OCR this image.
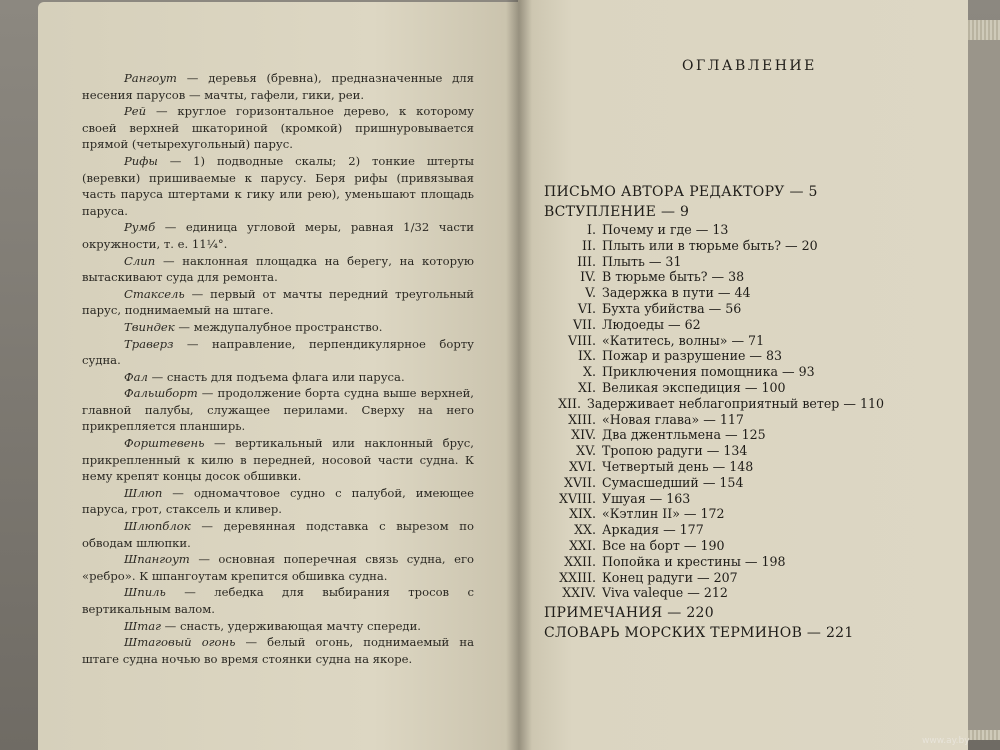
Рангоут — деревья (бревна), предназначенные для несения парусов — мачты, гафели, гики, реи.

Рей — круглое горизонтальное дерево, к которому своей верхней шкаториной (кромкой) пришнуровывается прямой (четырехугольный) парус.

Рифы — 1) подводные скалы; 2) тонкие штерты (веревки) пришиваемые к парусу. Беря рифы (привязывая часть паруса штертами к гику или рею), уменьшают площадь паруса.

Румб — единица угловой меры, равная 1/32 части окружности, т. е. 11¼°.

Слип — наклонная площадка на берегу, на которую вытаскивают суда для ремонта.

Стаксель — первый от мачты передний треугольный парус, поднимаемый на штаге.

Твиндек — междупалубное пространство.

Траверз — направление, перпендикулярное борту судна.

Фал — снасть для подъема флага или паруса.

Фальшборт — продолжение борта судна выше верхней, главной палубы, служащее перилами. Сверху на него прикрепляется планширь.

Форштевень — вертикальный или наклонный брус, прикрепленный к килю в передней, носовой части судна. К нему крепят концы досок обшивки.

Шлюп — одномачтовое судно с палубой, имеющее паруса, грот, стаксель и кливер.

Шлюпблок — деревянная подставка с вырезом по обводам шлюпки.

Шпангоут — основная поперечная связь судна, его «ребро». К шпангоутам крепится обшивка судна.

Шпиль — лебедка для выбирания тросов с вертикальным валом.

Штаг — снасть, удерживающая мачту спереди.

Штаговый огонь — белый огонь, поднимаемый на штаге судна ночью во время стоянки судна на якоре.

ОГЛАВЛЕНИЕ
ПИСЬМО АВТОРА РЕДАКТОРУ — 5
ВСТУПЛЕНИЕ — 9
I. Почему и где — 13
II. Плыть или в тюрьме быть? — 20
III. Плыть — 31
IV. В тюрьме быть? — 38
V. Задержка в пути — 44
VI. Бухта убийства — 56
VII. Людоеды — 62
VIII. «Катитесь, волны» — 71
IX. Пожар и разрушение — 83
X. Приключения помощника — 93
XI. Великая экспедиция — 100
XII. Задерживает неблагоприятный ветер — 110
XIII. «Новая глава» — 117
XIV. Два джентльмена — 125
XV. Тропою радуги — 134
XVI. Четвертый день — 148
XVII. Сумасшедший — 154
XVIII. Ушуая — 163
XIX. «Кэтлин II» — 172
XX. Аркадия — 177
XXI. Все на борт — 190
XXII. Попойка и крестины — 198
XXIII. Конец радуги — 207
XXIV. Viva valeque — 212
ПРИМЕЧАНИЯ — 220
СЛОВАРЬ МОРСКИХ ТЕРМИНОВ — 221
www.ay.by
